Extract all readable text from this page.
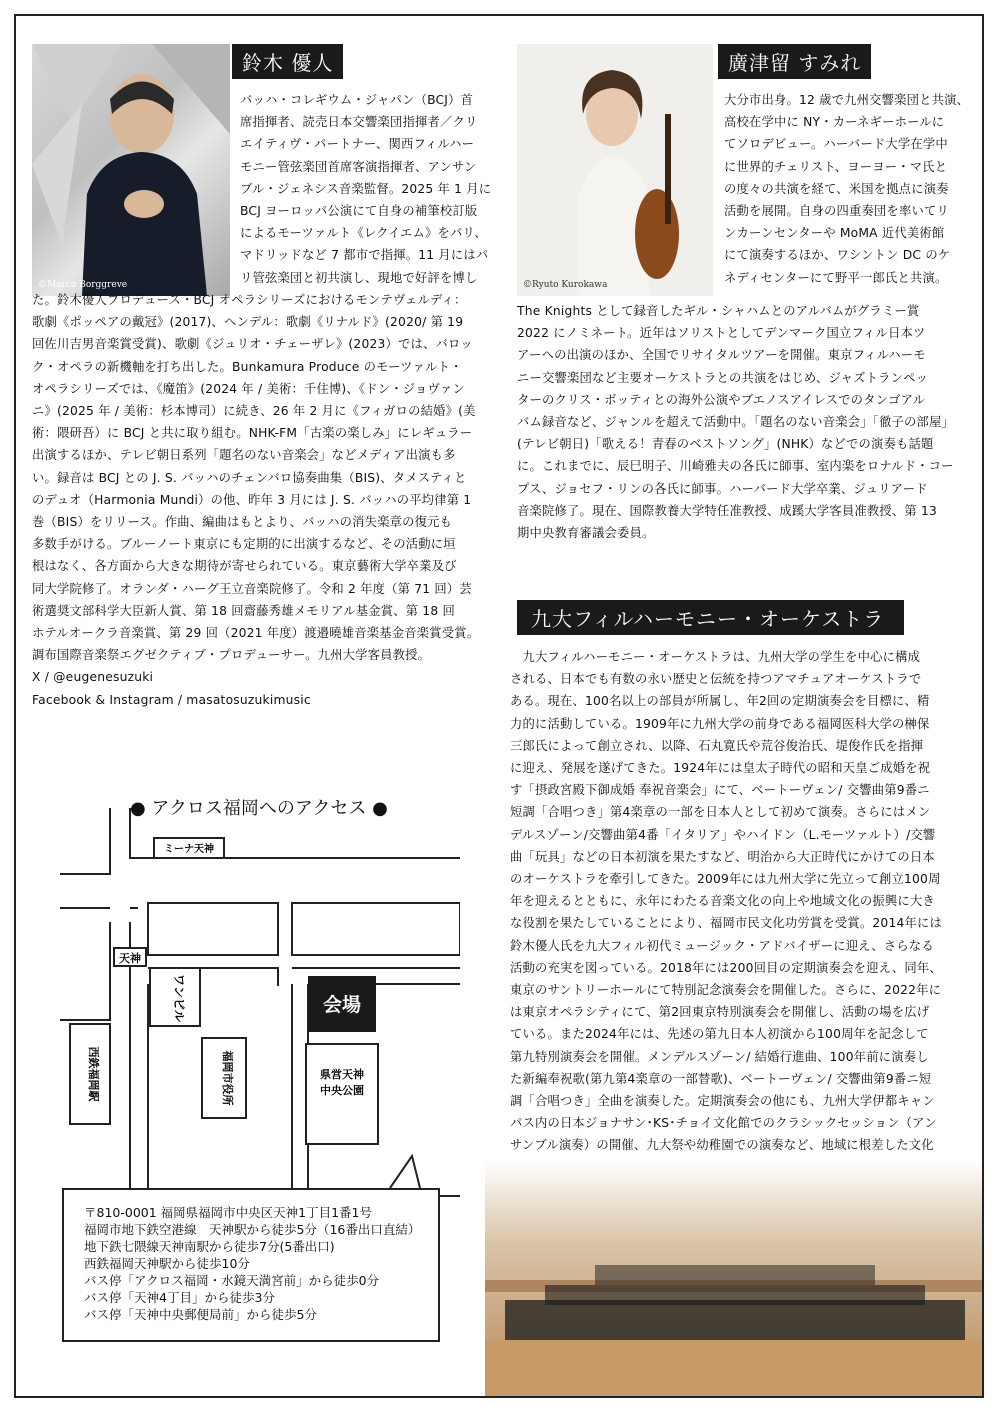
©Marco Borggreve
鈴木 優人
©Ryuto Kurokawa
廣津留 すみれ
バッハ・コレギウム・ジャパン（BCJ）首
席指揮者、読売日本交響楽団指揮者／クリ
エイティヴ・パートナー、関西フィルハー
モニー管弦楽団首席客演指揮者、アンサン
ブル・ジェネシス音楽監督。2025 年 1 月に
BCJ ヨーロッパ公演にて自身の補筆校訂版
によるモーツァルト《レクイエム》をパリ、
マドリッドなど 7 都市で指揮。11 月にはパ
リ管弦楽団と初共演し、現地で好評を博し
た。鈴木優人プロデュース・BCJ オペラシリーズにおけるモンテヴェルディ：
歌劇《ポッペアの戴冠》(2017)、ヘンデル：歌劇《リナルド》(2020/ 第 19
回佐川吉男音楽賞受賞)、歌劇《ジュリオ・チェーザレ》(2023）では、バロッ
ク・オペラの新機軸を打ち出した。Bunkamura Produce のモーツァルト・
オペラシリーズでは、《魔笛》(2024 年 / 美術：千住博)、《ドン・ジョヴァン
ニ》(2025 年 / 美術：杉本博司）に続き、26 年 2 月に《フィガロの結婚》(美
術：隈研吾）に BCJ と共に取り組む。NHK-FM「古楽の楽しみ」にレギュラー
出演するほか、テレビ朝日系列「題名のない音楽会」などメディア出演も多
い。録音は BCJ との J. S. バッハのチェンバロ協奏曲集（BIS)、タメスティと
のデュオ（Harmonia Mundi）の他、昨年 3 月には J. S. バッハの平均律第 1
巻（BIS）をリリース。作曲、編曲はもとより、バッハの消失楽章の復元も
多数手がける。ブルーノート東京にも定期的に出演するなど、その活動に垣
根はなく、各方面から大きな期待が寄せられている。東京藝術大学卒業及び
同大学院修了。オランダ・ハーグ王立音楽院修了。令和 2 年度（第 71 回）芸
術選奨文部科学大臣新人賞、第 18 回齋藤秀雄メモリアル基金賞、第 18 回
ホテルオークラ音楽賞、第 29 回（2021 年度）渡邉曉雄音楽基金音楽賞受賞。
調布国際音楽祭エグゼクティブ・プロデューサー。九州大学客員教授。
X / @eugenesuzuki
Facebook & Instagram / masatosuzukimusic
大分市出身。12 歳で九州交響楽団と共演、
高校在学中に NY・カーネギーホールに
てソロデビュー。ハーバード大学在学中
に世界的チェリスト、ヨーヨー・マ氏と
の度々の共演を経て、米国を拠点に演奏
活動を展開。自身の四重奏団を率いてリ
ンカーンセンターや MoMA 近代美術館
にて演奏するほか、ワシントン DC のケ
ネディセンターにて野平一郎氏と共演。
The Knights として録音したギル・シャハムとのアルバムがグラミー賞
2022 にノミネート。近年はソリストとしてデンマーク国立フィル日本ツ
アーへの出演のほか、全国でリサイタルツアーを開催。東京フィルハーモ
ニー交響楽団など主要オーケストラとの共演をはじめ、ジャズトランペッ
ターのクリス・ボッティとの海外公演やブエノスアイレスでのタンゴアル
バム録音など、ジャンルを超えて活動中。「題名のない音楽会」「徹子の部屋」
(テレビ朝日)「歌える！青春のベストソング」(NHK）などでの演奏も話題
に。これまでに、辰巳明子、川崎雅夫の各氏に師事、室内楽をロナルド・コー
プス、ジョセフ・リンの各氏に師事。ハーバード大学卒業、ジュリアード
音楽院修了。現在、国際教養大学特任准教授、成蹊大学客員准教授、第 13
期中央教育審議会委員。
九大フィルハーモニー・オーケストラ
　九大フィルハーモニー・オーケストラは、九州大学の学生を中心に構成
される、日本でも有数の永い歴史と伝統を持つアマチュアオーケストラで
ある。現在、100名以上の部員が所属し、年2回の定期演奏会を目標に、精
力的に活動している。1909年に九州大学の前身である福岡医科大学の榊保
三郎氏によって創立され、以降、石丸寛氏や荒谷俊治氏、堤俊作氏を指揮
に迎え、発展を遂げてきた。1924年には皇太子時代の昭和天皇ご成婚を祝
す「摂政宮殿下御成婚 奉祝音楽会」にて、ベートーヴェン/ 交響曲第9番ニ
短調「合唱つき」第4楽章の一部を日本人として初めて演奏。さらにはメン
デルスゾーン/交響曲第4番「イタリア」やハイドン（L.モーツァルト）/交響
曲「玩具」などの日本初演を果たすなど、明治から大正時代にかけての日本
のオーケストラを牽引してきた。2009年には九州大学に先立って創立100周
年を迎えるとともに、永年にわたる音楽文化の向上や地域文化の振興に大き
な役割を果たしていることにより、福岡市民文化功労賞を受賞。2014年には
鈴木優人氏を九大フィル初代ミュージック・アドバイザーに迎え、さらなる
活動の充実を図っている。2018年には200回目の定期演奏会を迎え、同年、
東京のサントリーホールにて特別記念演奏会を開催した。さらに、2022年に
は東京オペラシティにて、第2回東京特別演奏会を開催し、活動の場を広げ
ている。また2024年には、先述の第九日本人初演から100周年を記念して
第九特別演奏会を開催。メンデルスゾーン/ 結婚行進曲、100年前に演奏し
た新編奉祝歌(第九第4楽章の一部替歌)、ベートーヴェン/ 交響曲第9番ニ短
調「合唱つき」全曲を演奏した。定期演奏会の他にも、九州大学伊都キャン
パス内の日本ジョナサン･KS･チョイ文化館でのクラシックセッション（アン
サンブル演奏）の開催、九大祭や幼稚園での演奏など、地域に根差した文化
● アクロス福岡へのアクセス ●
ミーナ天神
天神
ワンビル
福岡市役所
会場
県営天神
中央公園
西鉄福岡駅
〒810-0001 福岡県福岡市中央区天神1丁目1番1号
福岡市地下鉄空港線　天神駅から徒歩5分（16番出口直結）
地下鉄七隈線天神南駅から徒歩7分(5番出口)
西鉄福岡天神駅から徒歩10分
バス停「アクロス福岡・水鏡天満宮前」から徒歩0分
バス停「天神4丁目」から徒歩3分
バス停「天神中央郵便局前」から徒歩5分
